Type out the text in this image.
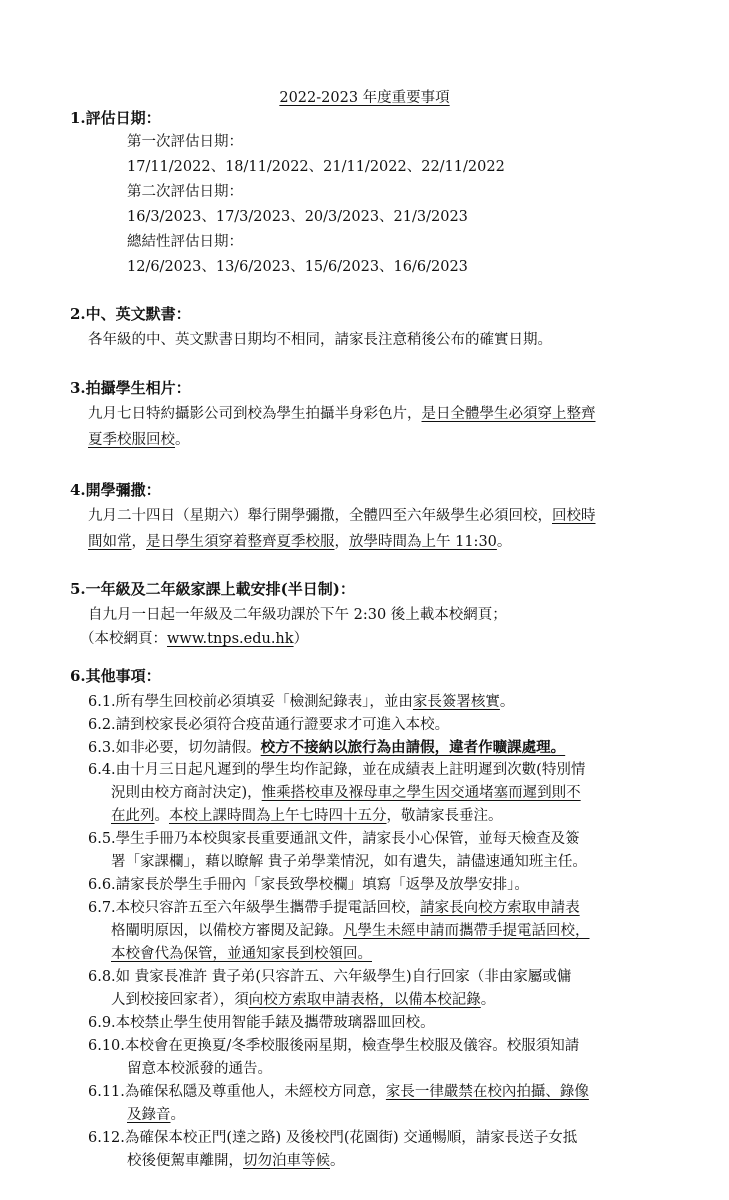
2022-2023 年度重要事項
1.評估日期：
第一次評估日期：
17/11/2022、18/11/2022、21/11/2022、22/11/2022
第二次評估日期：
16/3/2023、17/3/2023、20/3/2023、21/3/2023
總結性評估日期：
12/6/2023、13/6/2023、15/6/2023、16/6/2023
2.中、英文默書：
各年級的中、英文默書日期均不相同，請家長注意稍後公布的確實日期。
3.拍攝學生相片：
九月七日特約攝影公司到校為學生拍攝半身彩色片，是日全體學生必須穿上整齊
夏季校服回校。
4.開學彌撒：
九月二十四日（星期六）舉行開學彌撒，全體四至六年級學生必須回校，回校時
間如常，是日學生須穿着整齊夏季校服，放學時間為上午 11:30。
5.一年級及二年級家課上載安排(半日制)：
自九月一日起一年級及二年級功課於下午 2:30 後上載本校網頁；
（本校網頁：www.tnps.edu.hk）
6.其他事項：
6.1.所有學生回校前必須填妥「檢測紀錄表」，並由家長簽署核實。
6.2.請到校家長必須符合疫苗通行證要求才可進入本校。
6.3.如非必要，切勿請假。校方不接納以旅行為由請假，違者作曠課處理。
6.4.由十月三日起凡遲到的學生均作記錄，並在成績表上註明遲到次數(特別情
況則由校方商討決定)，惟乘搭校車及褓母車之學生因交通堵塞而遲到則不
在此列。本校上課時間為上午七時四十五分，敬請家長垂注。
6.5.學生手冊乃本校與家長重要通訊文件，請家長小心保管，並每天檢查及簽
署「家課欄」，藉以瞭解 貴子弟學業情況，如有遺失，請儘速通知班主任。
6.6.請家長於學生手冊內「家長致學校欄」填寫「返學及放學安排」。
6.7.本校只容許五至六年級學生攜帶手提電話回校，請家長向校方索取申請表
格闡明原因，以備校方審閱及記錄。凡學生未經申請而攜帶手提電話回校，
本校會代為保管，並通知家長到校領回。
6.8.如 貴家長准許 貴子弟(只容許五、六年級學生)自行回家（非由家屬或傭
人到校接回家者），須向校方索取申請表格，以備本校記錄。
6.9.本校禁止學生使用智能手錶及攜帶玻璃器皿回校。
6.10.本校會在更換夏/冬季校服後兩星期，檢查學生校服及儀容。校服須知請
留意本校派發的通告。
6.11.為確保私隱及尊重他人，未經校方同意，家長一律嚴禁在校內拍攝、錄像
及錄音。
6.12.為確保本校正門(達之路) 及後校門(花園街) 交通暢順，請家長送子女抵
校後便駕車離開，切勿泊車等候。
